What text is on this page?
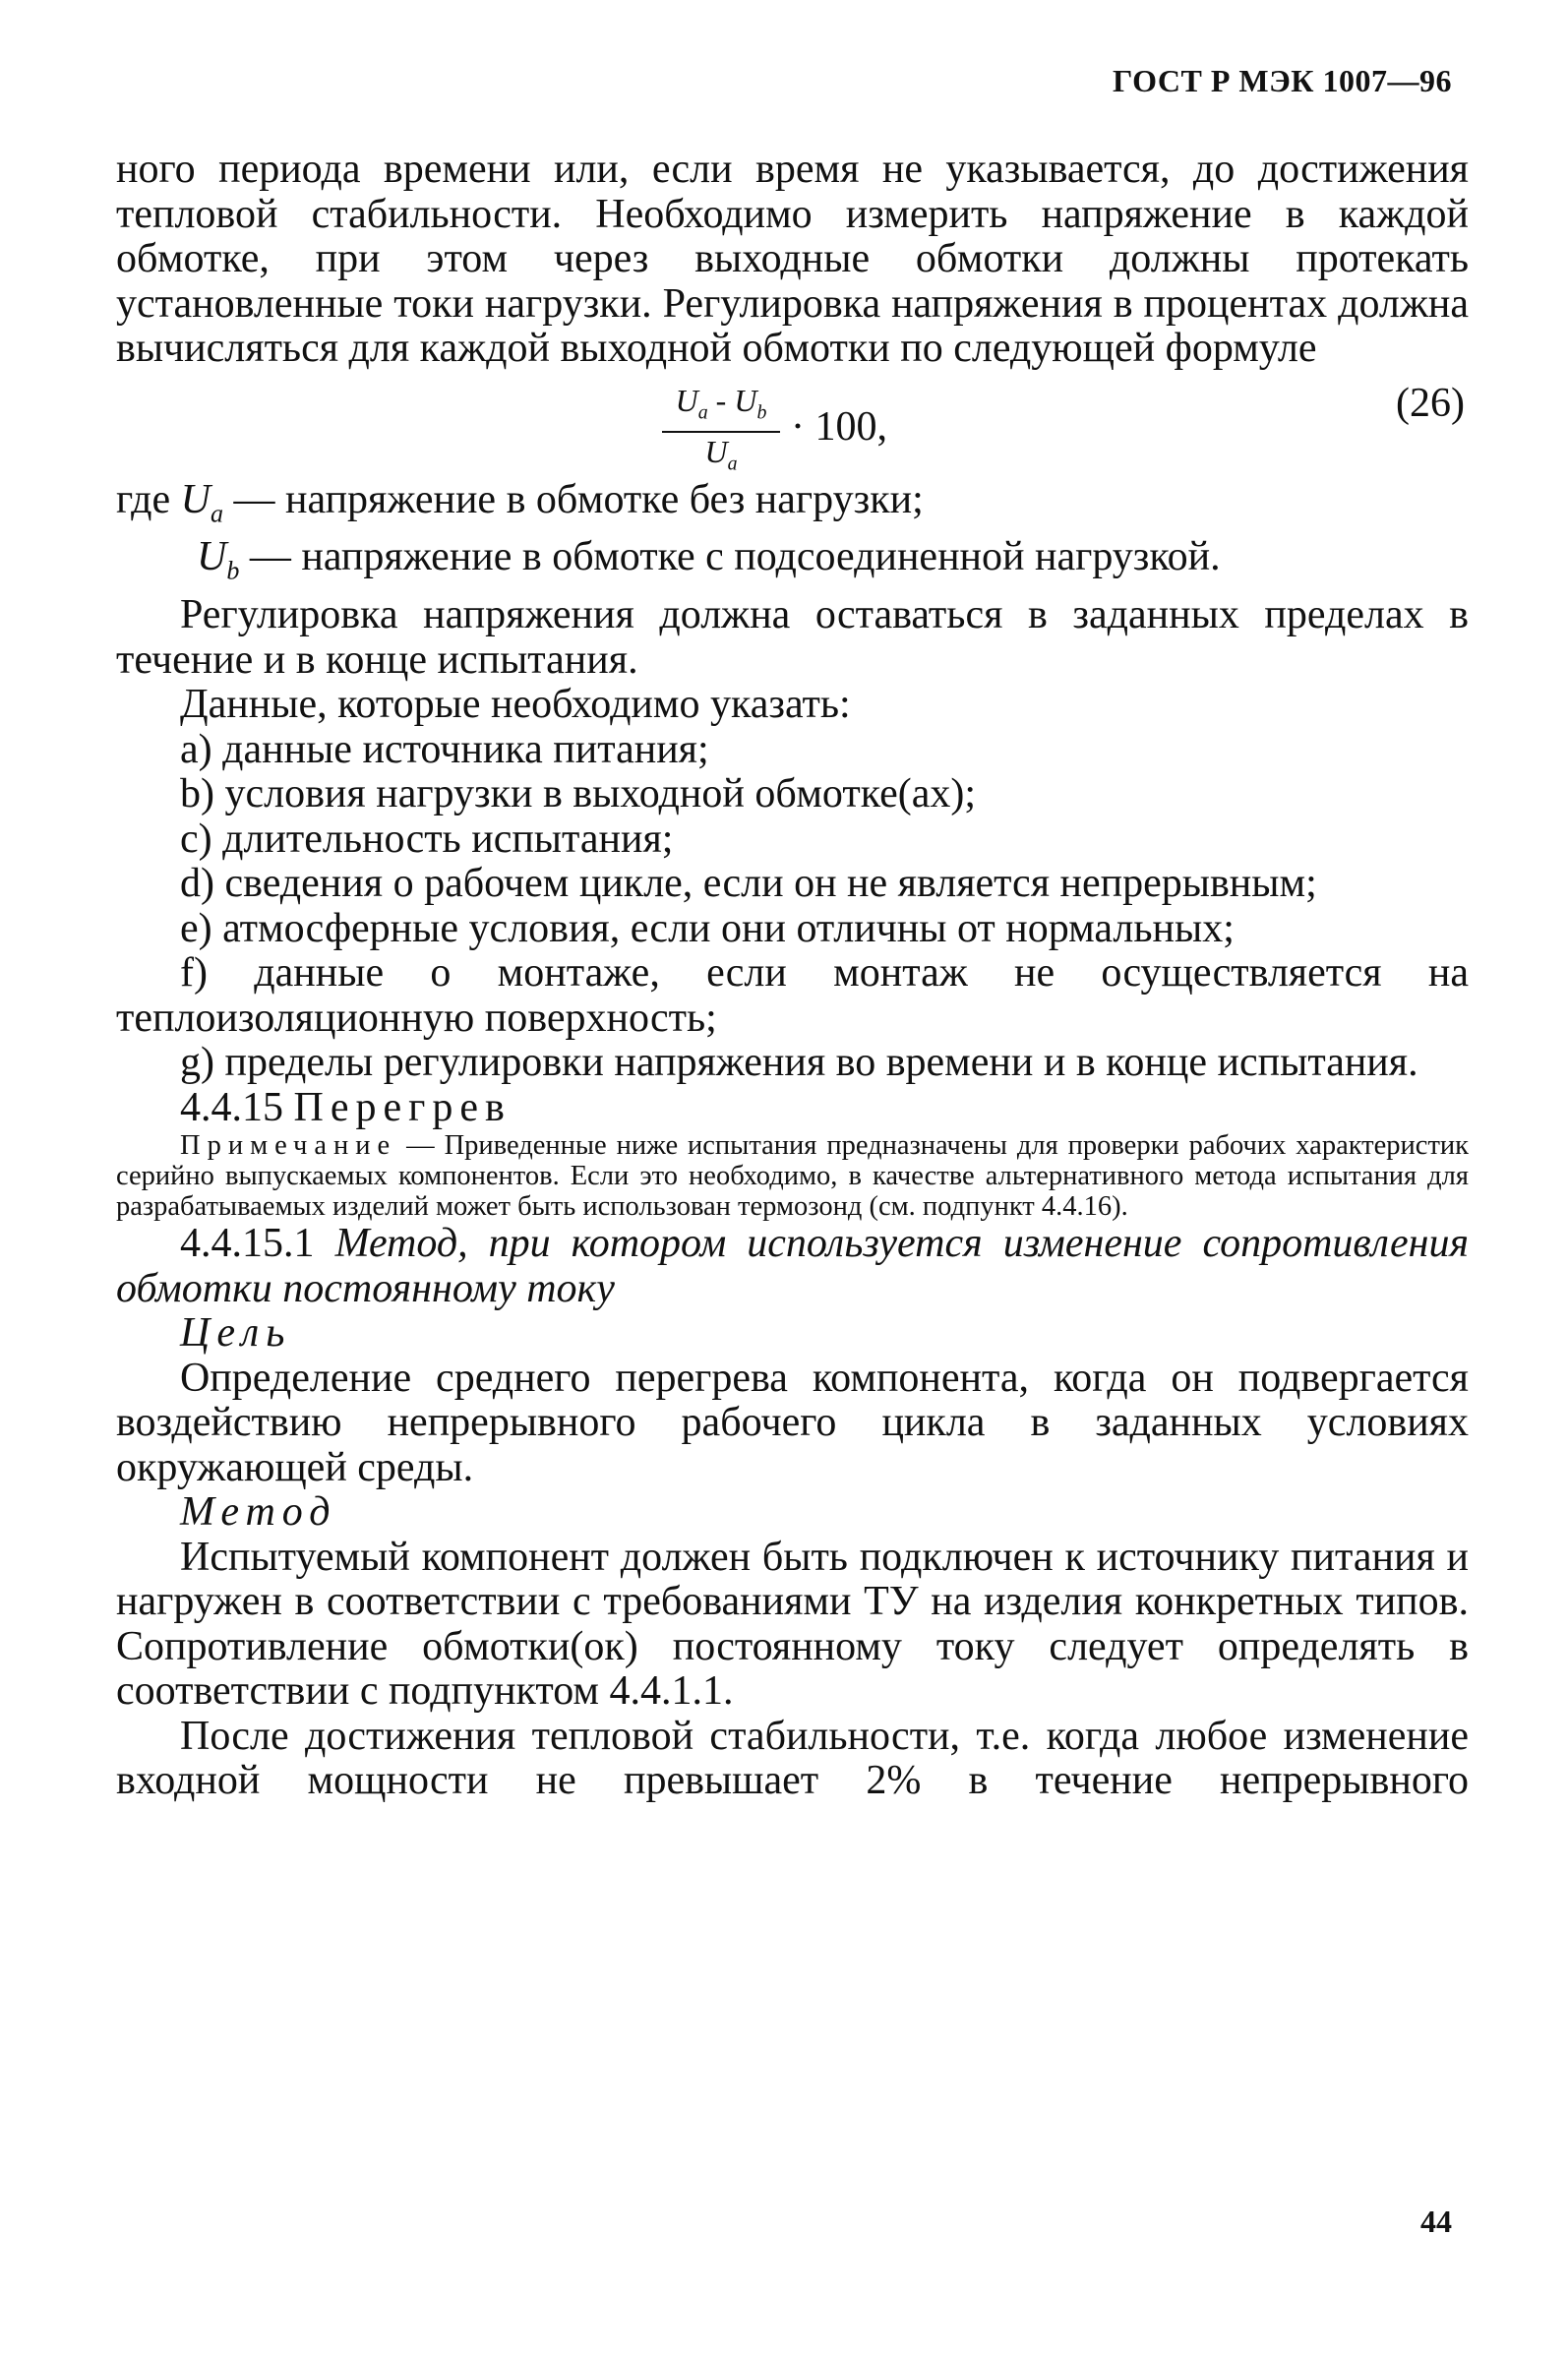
ГОСТ Р МЭК 1007—96

ного периода времени или, если время не указывается, до достижения тепловой стабильности. Необходимо измерить напряжение в каждой обмотке, при этом через выходные обмотки должны протекать установленные токи нагрузки. Регулировка напряжения в процентах должна вычисляться для каждой выходной обмотки по следующей формуле

$\frac{U_a - U_b}{U_a} \cdot 100$,
(26)

где $U_a$ — напряжение в обмотке без нагрузки;

$U_b$ — напряжение в обмотке с подсоединенной нагрузкой.

Регулировка напряжения должна оставаться в заданных пределах в течение и в конце испытания.

Данные, которые необходимо указать:

a) данные источника питания;

b) условия нагрузки в выходной обмотке(ах);

c) длительность испытания;

d) сведения о рабочем цикле, если он не является непрерывным;

e) атмосферные условия, если они отличны от нормальных;

f) данные о монтаже, если монтаж не осуществляется на теплоизоляционную поверхность;

g) пределы регулировки напряжения во времени и в конце испытания.

4.4.15 Перегрев

Примечание — Приведенные ниже испытания предназначены для проверки рабочих характеристик серийно выпускаемых компонентов. Если это необходимо, в качестве альтернативного метода испытания для разрабатываемых изделий может быть использован термозонд (см. подпункт 4.4.16).

4.4.15.1 Метод, при котором используется изменение сопротивления обмотки постоянному току

Цель

Определение среднего перегрева компонента, когда он подвергается воздействию непрерывного рабочего цикла в заданных условиях окружающей среды.

Метод

Испытуемый компонент должен быть подключен к источнику питания и нагружен в соответствии с требованиями ТУ на изделия конкретных типов. Сопротивление обмотки(ок) постоянному току следует определять в соответствии с подпунктом 4.4.1.1.

После достижения тепловой стабильности, т.е. когда любое изменение входной мощности не превышает 2% в течение непрерывного

44
